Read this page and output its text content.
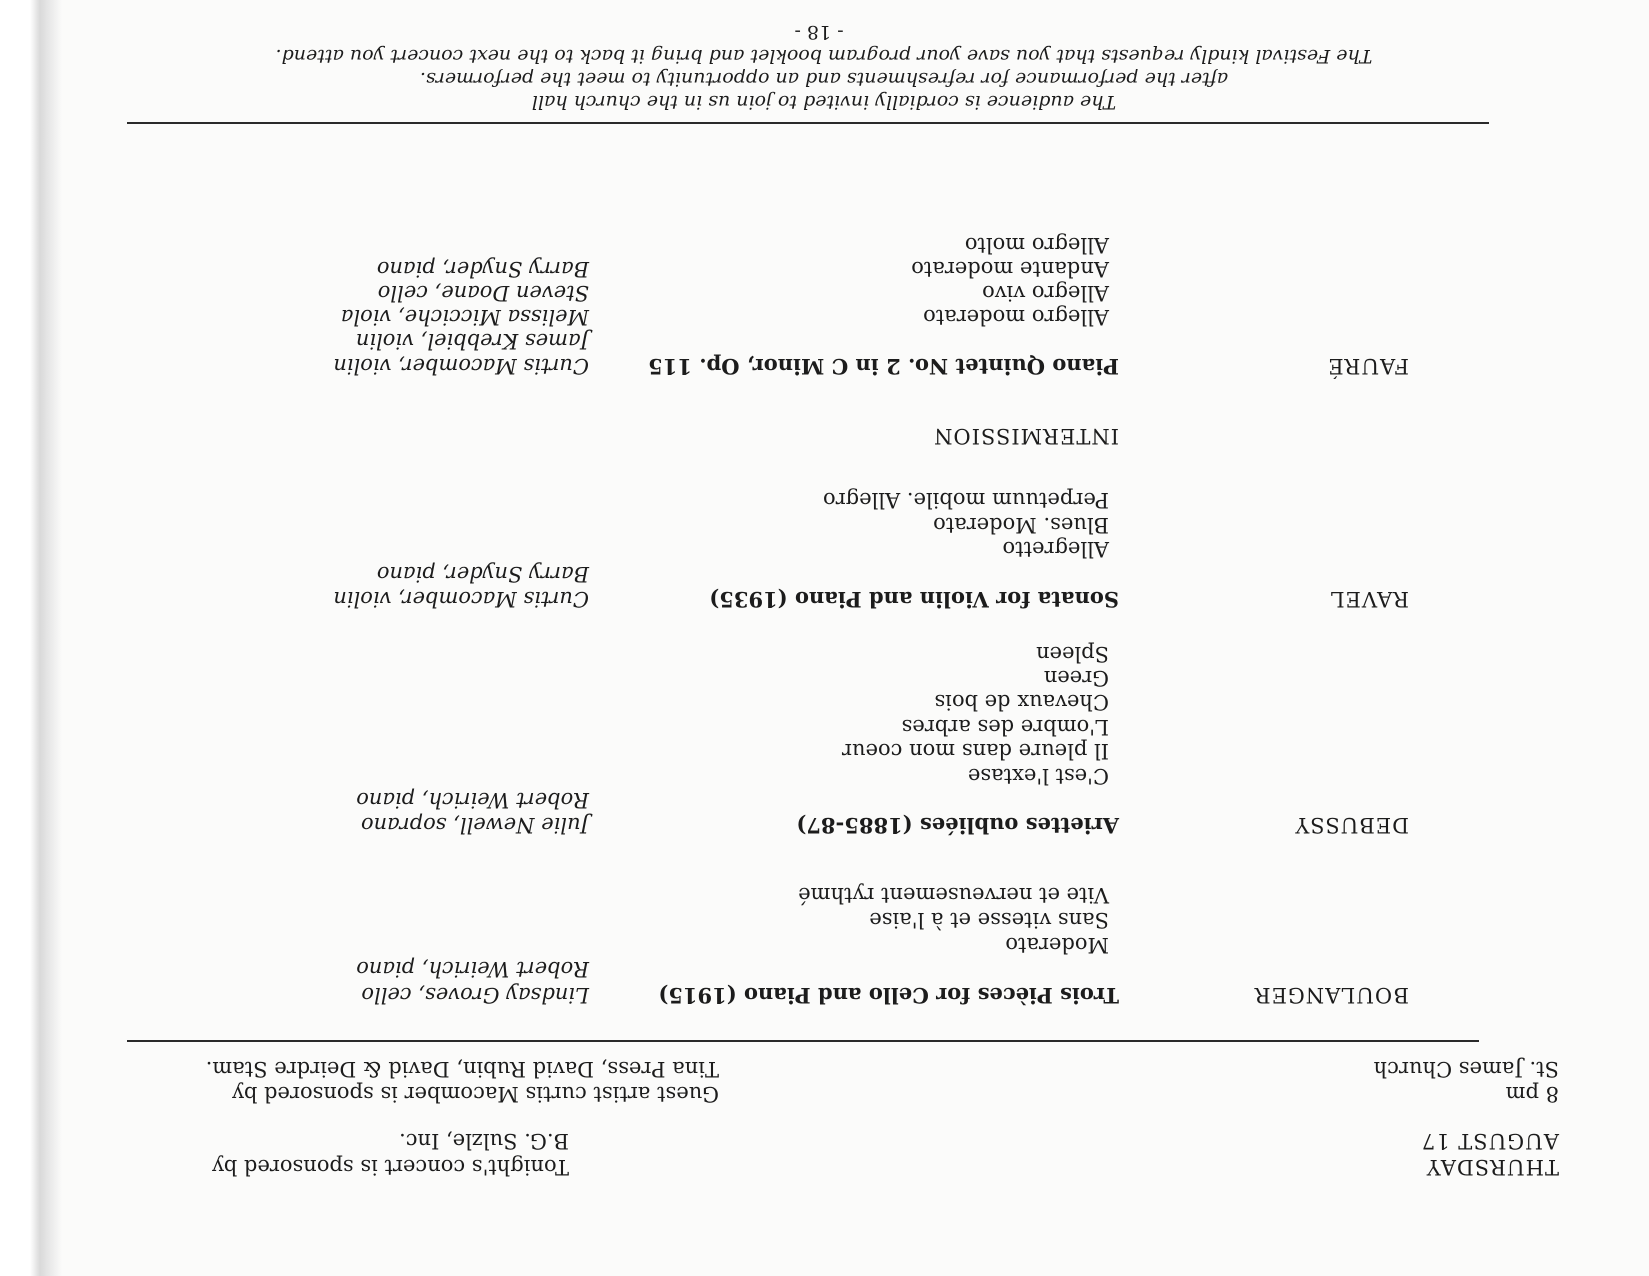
THURSDAY
AUGUST 17
8 pm
St. James Church
Tonight's concert is sponsored by
B.G. Sulzle, Inc.
Guest artist curtis Macomber is sponsored by
Tina Press, David Rubin, David & Deirdre Stam.
BOULANGER
Trois Pièces for Cello and Piano (1915)
Lindsay Groves, cello
Robert Weirich, piano
Moderato
Sans vitesse et à l'aise
Vite et nerveusement rythmé
DEBUSSY
Ariettes oubliées (1885-87)
Julie Newell, soprano
Robert Weirich, piano
C'est l'extase
Il pleure dans mon coeur
L'ombre des arbres
Chevaux de bois
Green
Spleen
RAVEL
Sonata for Violin and Piano (1935)
Curtis Macomber, violin
Barry Snyder, piano
Allegretto
Blues. Moderato
Perpetuum mobile. Allegro
INTERMISSION
FAURÉ
Piano Quintet No. 2 in C Minor, Op. 115
Curtis Macomber, violin
James Krebbiel, violin
Melissa Micciche, viola
Steven Doane, cello
Barry Snyder, piano
Allegro moderato
Allegro vivo
Andante moderato
Allegro molto
The audience is cordially invited to join us in the church hall
after the performance for refreshments and an opportunity to meet the performers.
The Festival kindly requests that you save your program booklet and bring it back to the next concert you attend.
- 18 -
